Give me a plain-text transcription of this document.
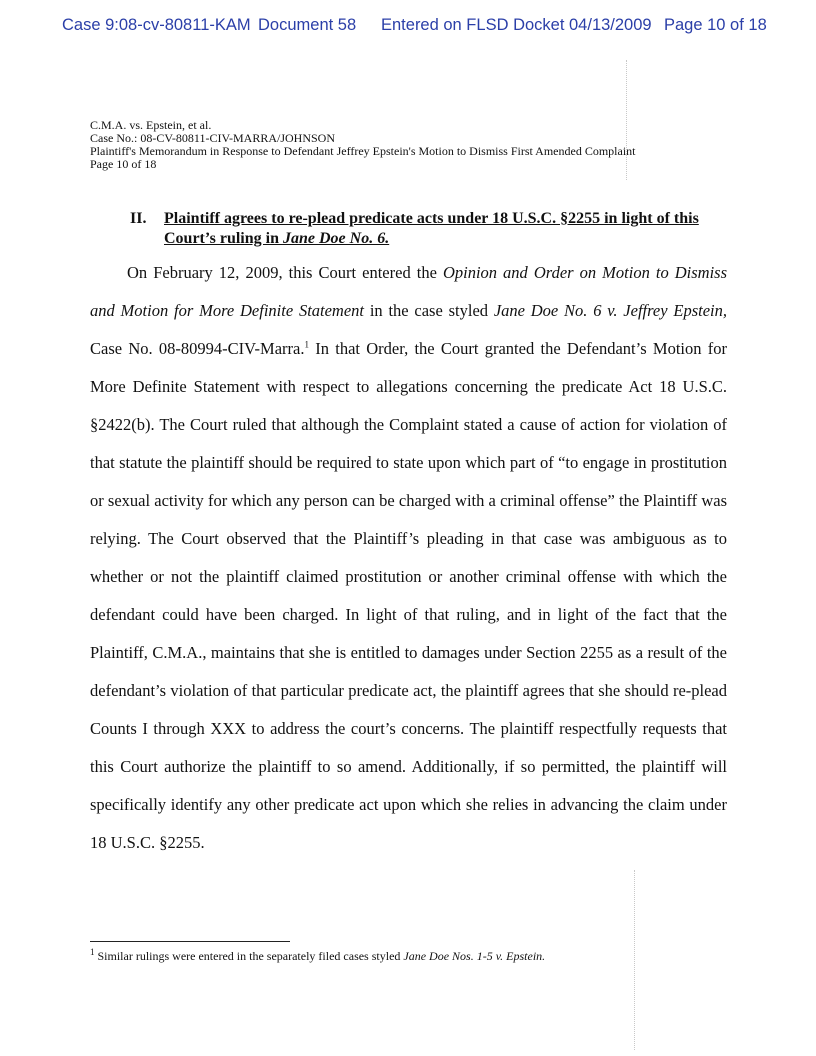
Case 9:08-cv-80811-KAM Document 58 Entered on FLSD Docket 04/13/2009 Page 10 of 18
C.M.A. vs. Epstein, et al.
Case No.: 08-CV-80811-CIV-MARRA/JOHNSON
Plaintiff's Memorandum in Response to Defendant Jeffrey Epstein's Motion to Dismiss First Amended Complaint
Page 10 of 18
II. Plaintiff agrees to re-plead predicate acts under 18 U.S.C. §2255 in light of this
Court’s ruling in Jane Doe No. 6.
On February 12, 2009, this Court entered the Opinion and Order on Motion to Dismiss
and Motion for More Definite Statement in the case styled Jane Doe No. 6 v. Jeffrey Epstein,
Case No. 08-80994-CIV-Marra.$^1$ In that Order, the Court granted the Defendant’s Motion for
More Definite Statement with respect to allegations concerning the predicate Act 18 U.S.C.
§2422(b). The Court ruled that although the Complaint stated a cause of action for violation of
that statute the plaintiff should be required to state upon which part of “to engage in prostitution
or sexual activity for which any person can be charged with a criminal offense” the Plaintiff was
relying. The Court observed that the Plaintiff’s pleading in that case was ambiguous as to
whether or not the plaintiff claimed prostitution or another criminal offense with which the
defendant could have been charged. In light of that ruling, and in light of the fact that the
Plaintiff, C.M.A., maintains that she is entitled to damages under Section 2255 as a result of the
defendant’s violation of that particular predicate act, the plaintiff agrees that she should re-plead
Counts I through XXX to address the court’s concerns. The plaintiff respectfully requests that
this Court authorize the plaintiff to so amend. Additionally, if so permitted, the plaintiff will
specifically identify any other predicate act upon which she relies in advancing the claim under
18 U.S.C. §2255.
$^1$ Similar rulings were entered in the separately filed cases styled Jane Doe Nos. 1-5 v. Epstein.
